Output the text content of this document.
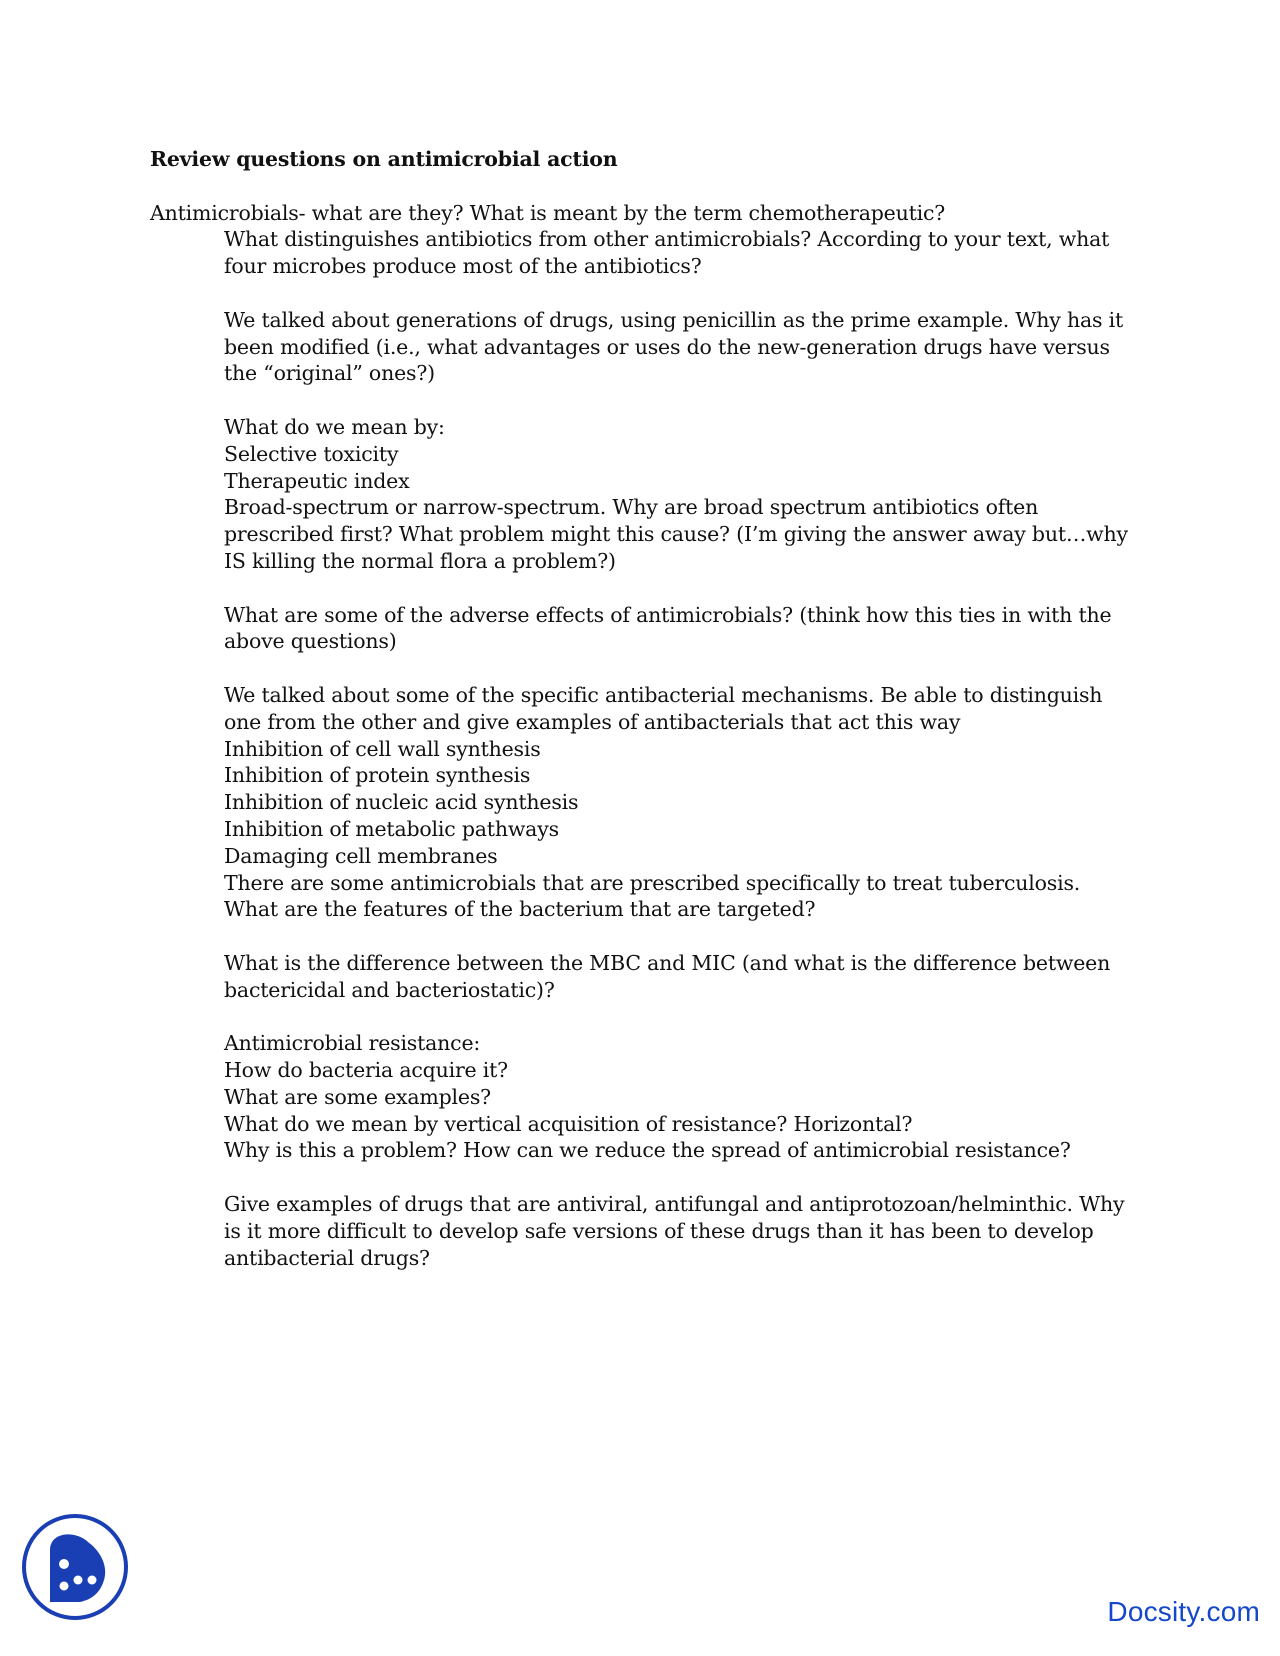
Review questions on antimicrobial action

Antimicrobials- what are they? What is meant by the term chemotherapeutic?

What distinguishes antibiotics from other antimicrobials? According to your text, what four microbes produce most of the antibiotics?

We talked about generations of drugs, using penicillin as the prime example. Why has it been modified (i.e., what advantages or uses do the new-generation drugs have versus the “original” ones?)

What do we mean by:
Selective toxicity
Therapeutic index
Broad-spectrum or narrow-spectrum. Why are broad spectrum antibiotics often prescribed first? What problem might this cause? (I’m giving the answer away but…why IS killing the normal flora a problem?)

What are some of the adverse effects of antimicrobials? (think how this ties in with the above questions)

We talked about some of the specific antibacterial mechanisms. Be able to distinguish one from the other and give examples of antibacterials that act this way
Inhibition of cell wall synthesis
Inhibition of protein synthesis
Inhibition of nucleic acid synthesis
Inhibition of metabolic pathways
Damaging cell membranes
There are some antimicrobials that are prescribed specifically to treat tuberculosis. What are the features of the bacterium that are targeted?

What is the difference between the MBC and MIC (and what is the difference between bactericidal and bacteriostatic)?

Antimicrobial resistance:
How do bacteria acquire it?
What are some examples?
What do we mean by vertical acquisition of resistance? Horizontal?
Why is this a problem? How can we reduce the spread of antimicrobial resistance?

Give examples of drugs that are antiviral, antifungal and antiprotozoan/helminthic. Why is it more difficult to develop safe versions of these drugs than it has been to develop antibacterial drugs?

Docsity.com
